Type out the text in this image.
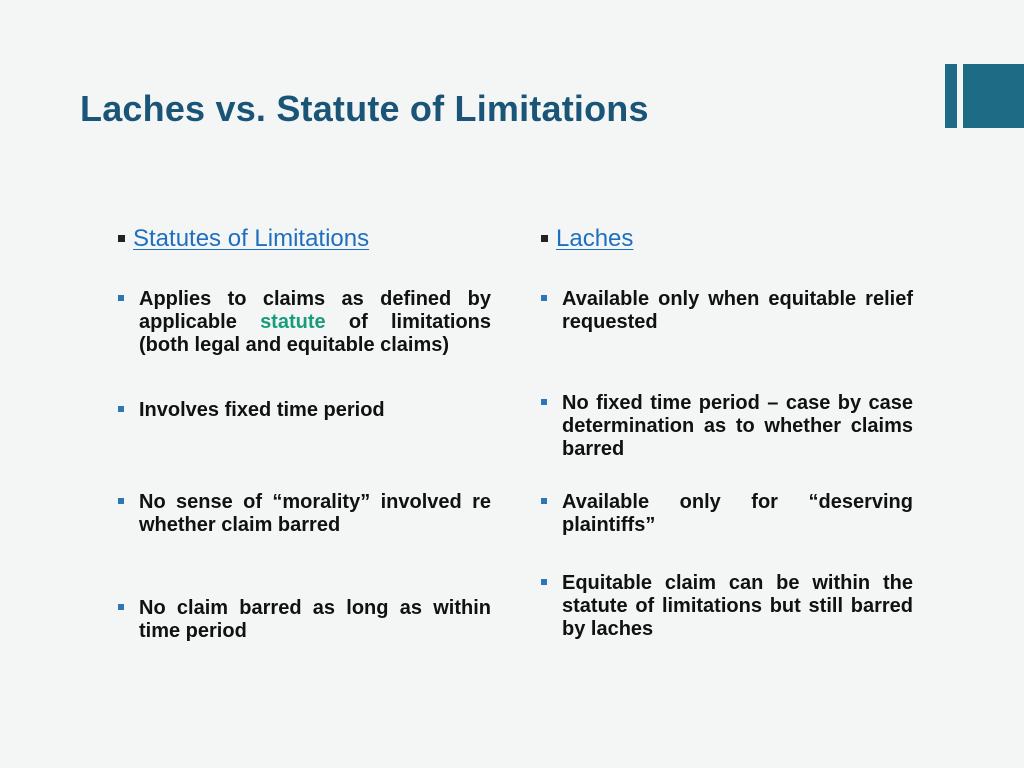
Laches vs. Statute of Limitations
Statutes of Limitations
Applies to claims as defined by applicable statute of limitations (both legal and equitable claims)
Involves fixed time period
No sense of “morality” involved re whether claim barred
No claim barred as long as within time period
Laches
Available only when equitable relief requested
No fixed time period – case by case determination as to whether claims barred
Available only for “deserving plaintiffs”
Equitable claim can be within the statute of limitations but still barred by laches
